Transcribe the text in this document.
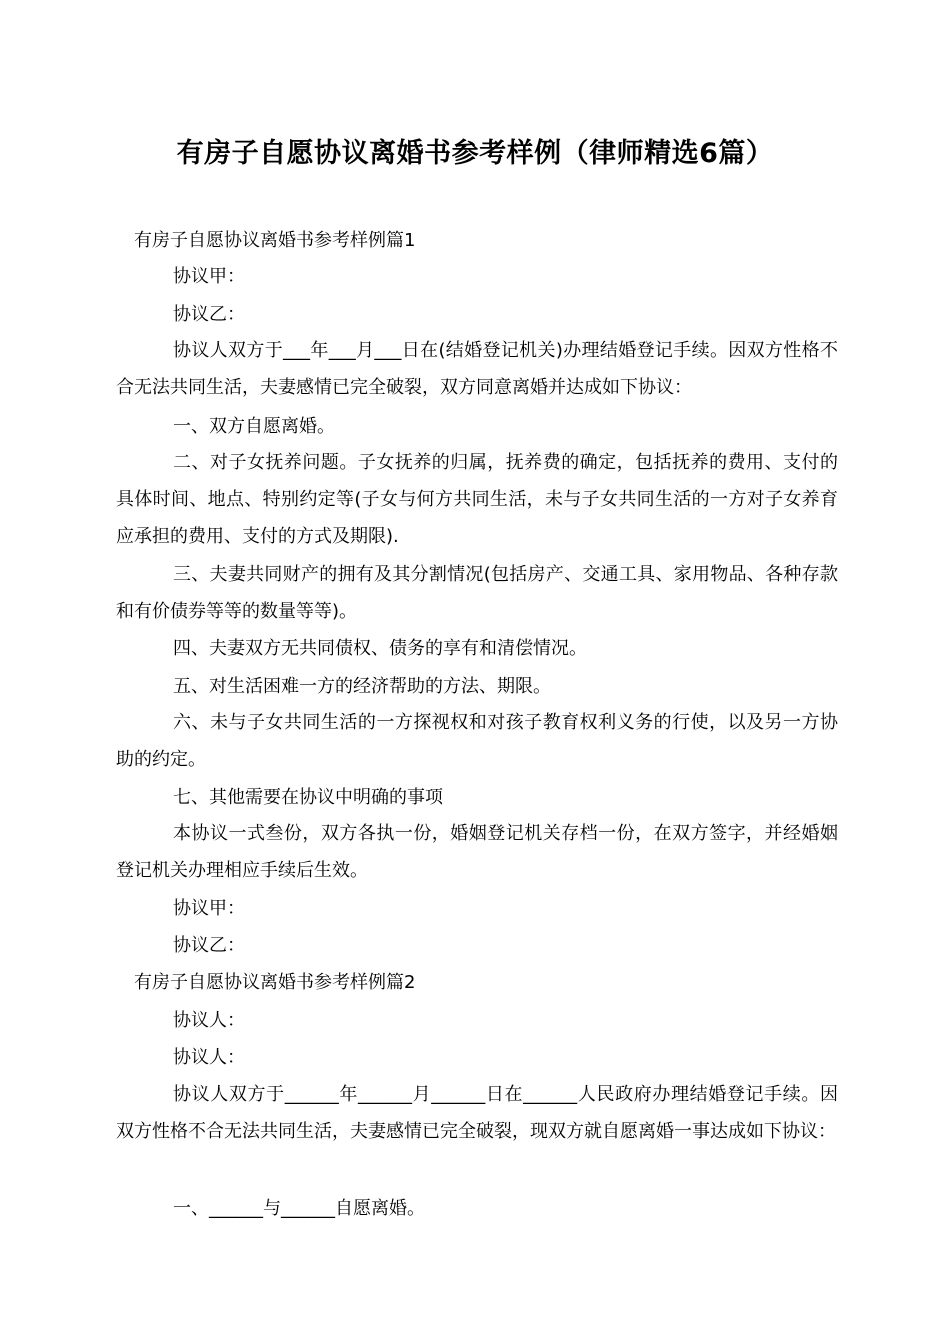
有房子自愿协议离婚书参考样例（律师精选6篇）

有房子自愿协议离婚书参考样例篇1

协议甲：

协议乙：

协议人双方于___年___月___日在(结婚登记机关)办理结婚登记手续。因双方性格不合无法共同生活，夫妻感情已完全破裂，双方同意离婚并达成如下协议：

一、双方自愿离婚。

二、对子女抚养问题。子女抚养的归属，抚养费的确定，包括抚养的费用、支付的具体时间、地点、特别约定等(子女与何方共同生活，未与子女共同生活的一方对子女养育应承担的费用、支付的方式及期限).

三、夫妻共同财产的拥有及其分割情况(包括房产、交通工具、家用物品、各种存款和有价债券等等的数量等等)。

四、夫妻双方无共同债权、债务的享有和清偿情况。

五、对生活困难一方的经济帮助的方法、期限。

六、未与子女共同生活的一方探视权和对孩子教育权利义务的行使，以及另一方协助的约定。

七、其他需要在协议中明确的事项

本协议一式叁份，双方各执一份，婚姻登记机关存档一份，在双方签字，并经婚姻登记机关办理相应手续后生效。

协议甲：

协议乙：

有房子自愿协议离婚书参考样例篇2

协议人：

协议人：

协议人双方于______年______月______日在______人民政府办理结婚登记手续。因双方性格不合无法共同生活，夫妻感情已完全破裂，现双方就自愿离婚一事达成如下协议：

一、______与______自愿离婚。
